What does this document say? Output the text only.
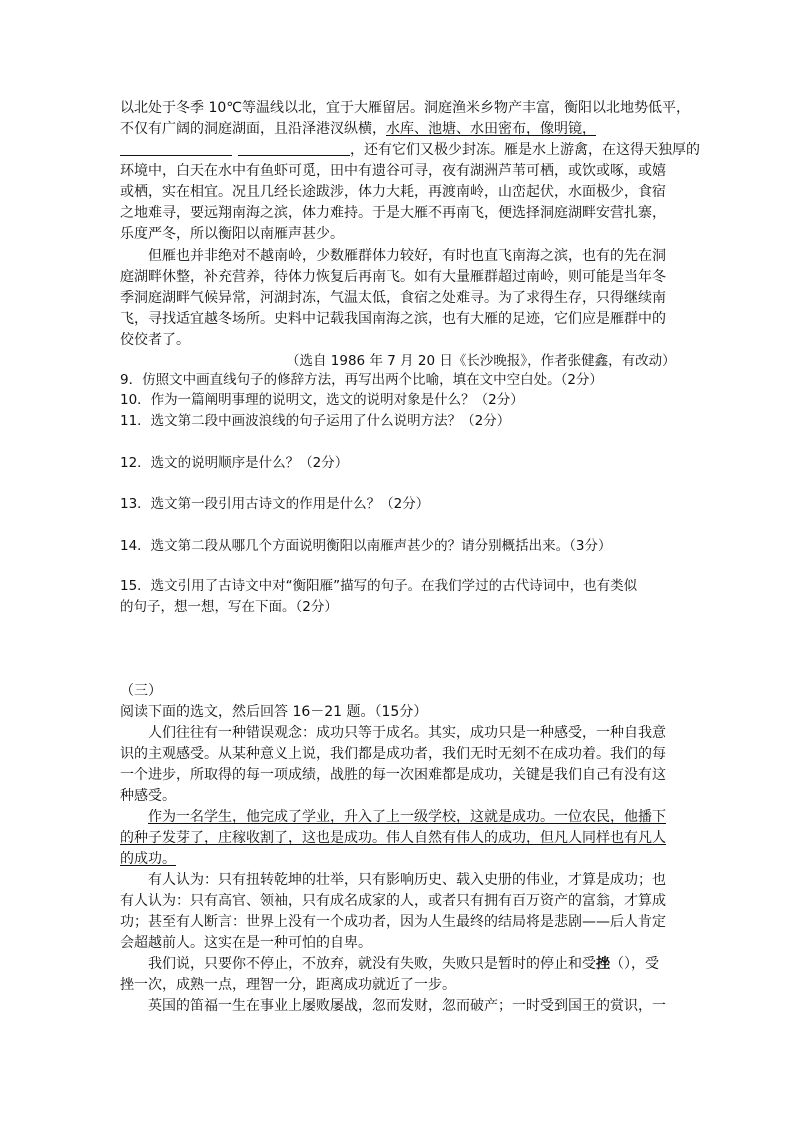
以北处于冬季 10℃等温线以北，宜于大雁留居。洞庭渔米乡物产丰富，衡阳以北地势低平，
不仅有广阔的洞庭湖面，且沿泽港汊纵横，水库、池塘、水田密布，像明镜，
，还有它们又极少封冻。雁是水上游禽，在这得天独厚的
环境中，白天在水中有鱼虾可觅，田中有遗谷可寻，夜有湖洲芦苇可栖，或饮或啄，或嬉
或栖，实在相宜。况且几经长途跋涉，体力大耗，再渡南岭，山峦起伏，水面极少，食宿
之地难寻，要远翔南海之滨，体力难持。于是大雁不再南飞，便选择洞庭湖畔安营扎寨，
乐度严冬，所以衡阳以南雁声甚少。
但雁也并非绝对不越南岭，少数雁群体力较好，有时也直飞南海之滨，也有的先在洞
庭湖畔休整，补充营养，待体力恢复后再南飞。如有大量雁群超过南岭，则可能是当年冬
季洞庭湖畔气候异常，河湖封冻，气温太低，食宿之处难寻。为了求得生存，只得继续南
飞，寻找适宜越冬场所。史料中记载我国南海之滨，也有大雁的足迹，它们应是雁群中的
佼佼者了。
（选自 1986 年 7 月 20 日《长沙晚报》，作者张健鑫，有改动）
9．仿照文中画直线句子的修辞方法，再写出两个比喻，填在文中空白处。（2分）
10．作为一篇阐明事理的说明文，选文的说明对象是什么？（2分）
11．选文第二段中画波浪线的句子运用了什么说明方法？（2分）
12．选文的说明顺序是什么？（2分）
13．选文第一段引用古诗文的作用是什么？（2分）
14．选文第二段从哪几个方面说明衡阳以南雁声甚少的？请分别概括出来。（3分）
15．选文引用了古诗文中对“衡阳雁”描写的句子。在我们学过的古代诗词中，也有类似
的句子，想一想，写在下面。（2分）
（三）
阅读下面的选文，然后回答 16－21 题。（15分）
人们往往有一种错误观念：成功只等于成名。其实，成功只是一种感受，一种自我意
识的主观感受。从某种意义上说，我们都是成功者，我们无时无刻不在成功着。我们的每
一个进步，所取得的每一项成绩，战胜的每一次困难都是成功，关键是我们自己有没有这
种感受。
作为一名学生，他完成了学业，升入了上一级学校，这就是成功。一位农民，他播下
的种子发芽了，庄稼收割了，这也是成功。伟人自然有伟人的成功，但凡人同样也有凡人
的成功。
有人认为：只有扭转乾坤的壮举，只有影响历史、载入史册的伟业，才算是成功；也
有人认为：只有高官、领袖，只有成名成家的人，或者只有拥有百万资产的富翁，才算成
功；甚至有人断言：世界上没有一个成功者，因为人生最终的结局将是悲剧——后人肯定
会超越前人。这实在是一种可怕的自卑。
我们说，只要你不停止，不放弃，就没有失败，失败只是暂时的停止和受挫（），受
挫一次，成熟一点，理智一分，距离成功就近了一步。
英国的笛福一生在事业上屡败屡战，忽而发财，忽而破产；一时受到国王的赏识，一
